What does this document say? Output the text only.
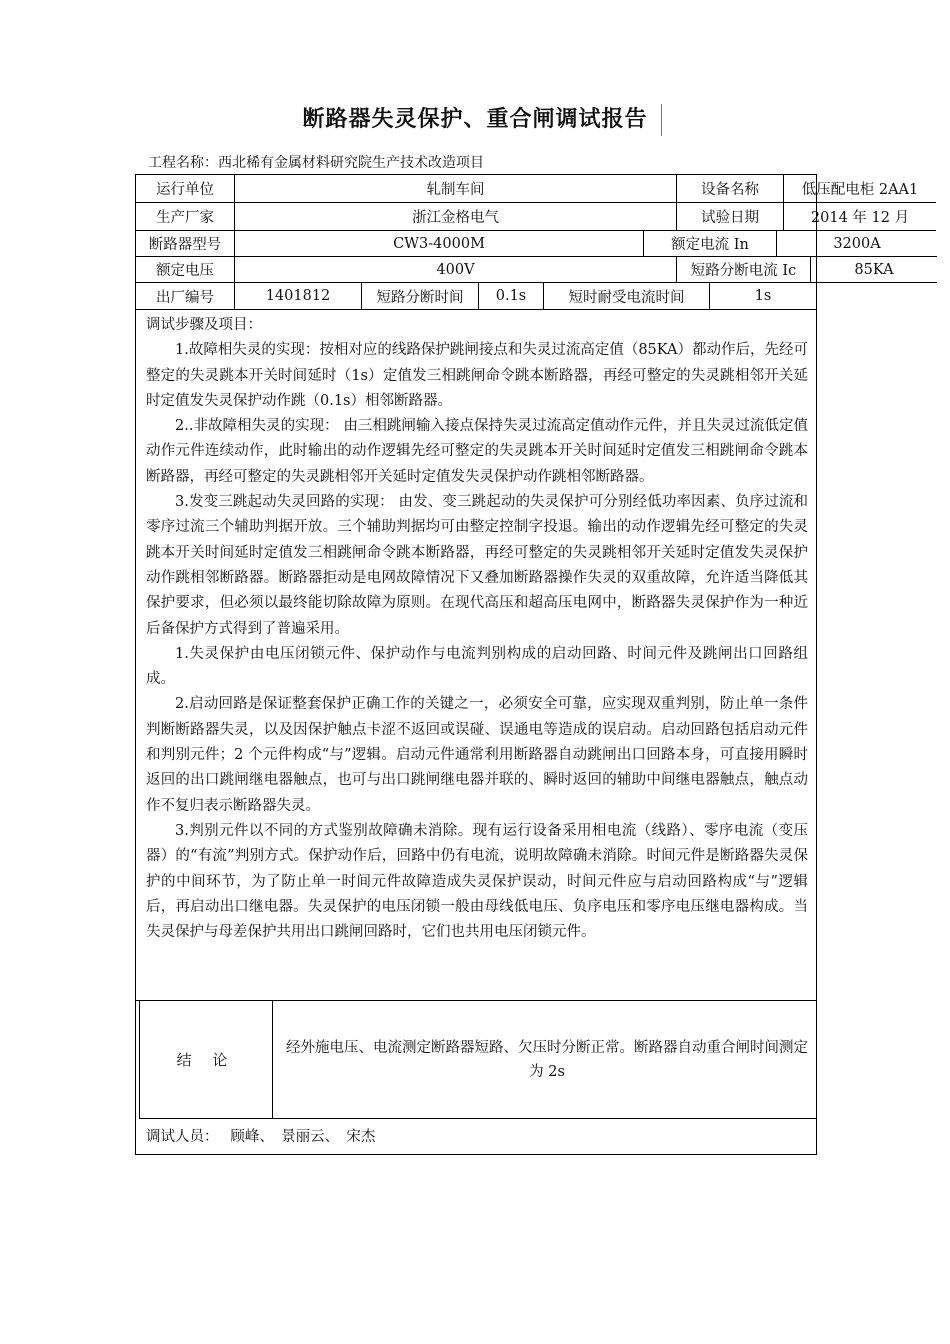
断路器失灵保护、重合闸调试报告
工程名称：西北稀有金属材料研究院生产技术改造项目
运行单位	轧制车间	设备名称	低压配电柜 2AA1
生产厂家	浙江金格电气	试验日期	2014 年 12 月
断路器型号	CW3-4000M	额定电流 In	3200A
额定电压	400V	短路分断电流 Ic	85KA
出厂编号	1401812	短路分断时间	0.1s	短时耐受电流时间	1s
调试步骤及项目：

1.故障相失灵的实现：按相对应的线路保护跳闸接点和失灵过流高定值（85KA）都动作后，先经可整定的失灵跳本开关时间延时（1s）定值发三相跳闸命令跳本断路器，再经可整定的失灵跳相邻开关延时定值发失灵保护动作跳（0.1s）相邻断路器。

2..非故障相失灵的实现： 由三相跳闸输入接点保持失灵过流高定值动作元件，并且失灵过流低定值动作元件连续动作，此时输出的动作逻辑先经可整定的失灵跳本开关时间延时定值发三相跳闸命令跳本断路器，再经可整定的失灵跳相邻开关延时定值发失灵保护动作跳相邻断路器。

3.发变三跳起动失灵回路的实现： 由发、变三跳起动的失灵保护可分别经低功率因素、负序过流和零序过流三个辅助判据开放。三个辅助判据均可由整定控制字投退。输出的动作逻辑先经可整定的失灵跳本开关时间延时定值发三相跳闸命令跳本断路器，再经可整定的失灵跳相邻开关延时定值发失灵保护动作跳相邻断路器。断路器拒动是电网故障情况下又叠加断路器操作失灵的双重故障，允许适当降低其保护要求，但必须以最终能切除故障为原则。在现代高压和超高压电网中，断路器失灵保护作为一种近后备保护方式得到了普遍采用。

1.失灵保护由电压闭锁元件、保护动作与电流判别构成的启动回路、时间元件及跳闸出口回路组成。

2.启动回路是保证整套保护正确工作的关键之一，必须安全可靠，应实现双重判别，防止单一条件判断断路器失灵，以及因保护触点卡涩不返回或误碰、误通电等造成的误启动。启动回路包括启动元件和判别元件；2 个元件构成“与”逻辑。启动元件通常利用断路器自动跳闸出口回路本身，可直接用瞬时返回的出口跳闸继电器触点，也可与出口跳闸继电器并联的、瞬时返回的辅助中间继电器触点，触点动作不复归表示断路器失灵。

3.判别元件以不同的方式鉴别故障确未消除。现有运行设备采用相电流（线路）、零序电流（变压器）的“有流”判别方式。保护动作后，回路中仍有电流，说明故障确未消除。时间元件是断路器失灵保护的中间环节，为了防止单一时间元件故障造成失灵保护误动，时间元件应与启动回路构成“与”逻辑后，再启动出口继电器。失灵保护的电压闭锁一般由母线低电压、负序电压和零序电压继电器构成。当失灵保护与母差保护共用出口跳闸回路时，它们也共用电压闭锁元件。

结 论
经外施电压、电流测定断路器短路、欠压时分断正常。断路器自动重合闸时间测定为 2s
调试人员：　 顾峰、　景丽云、　宋杰
